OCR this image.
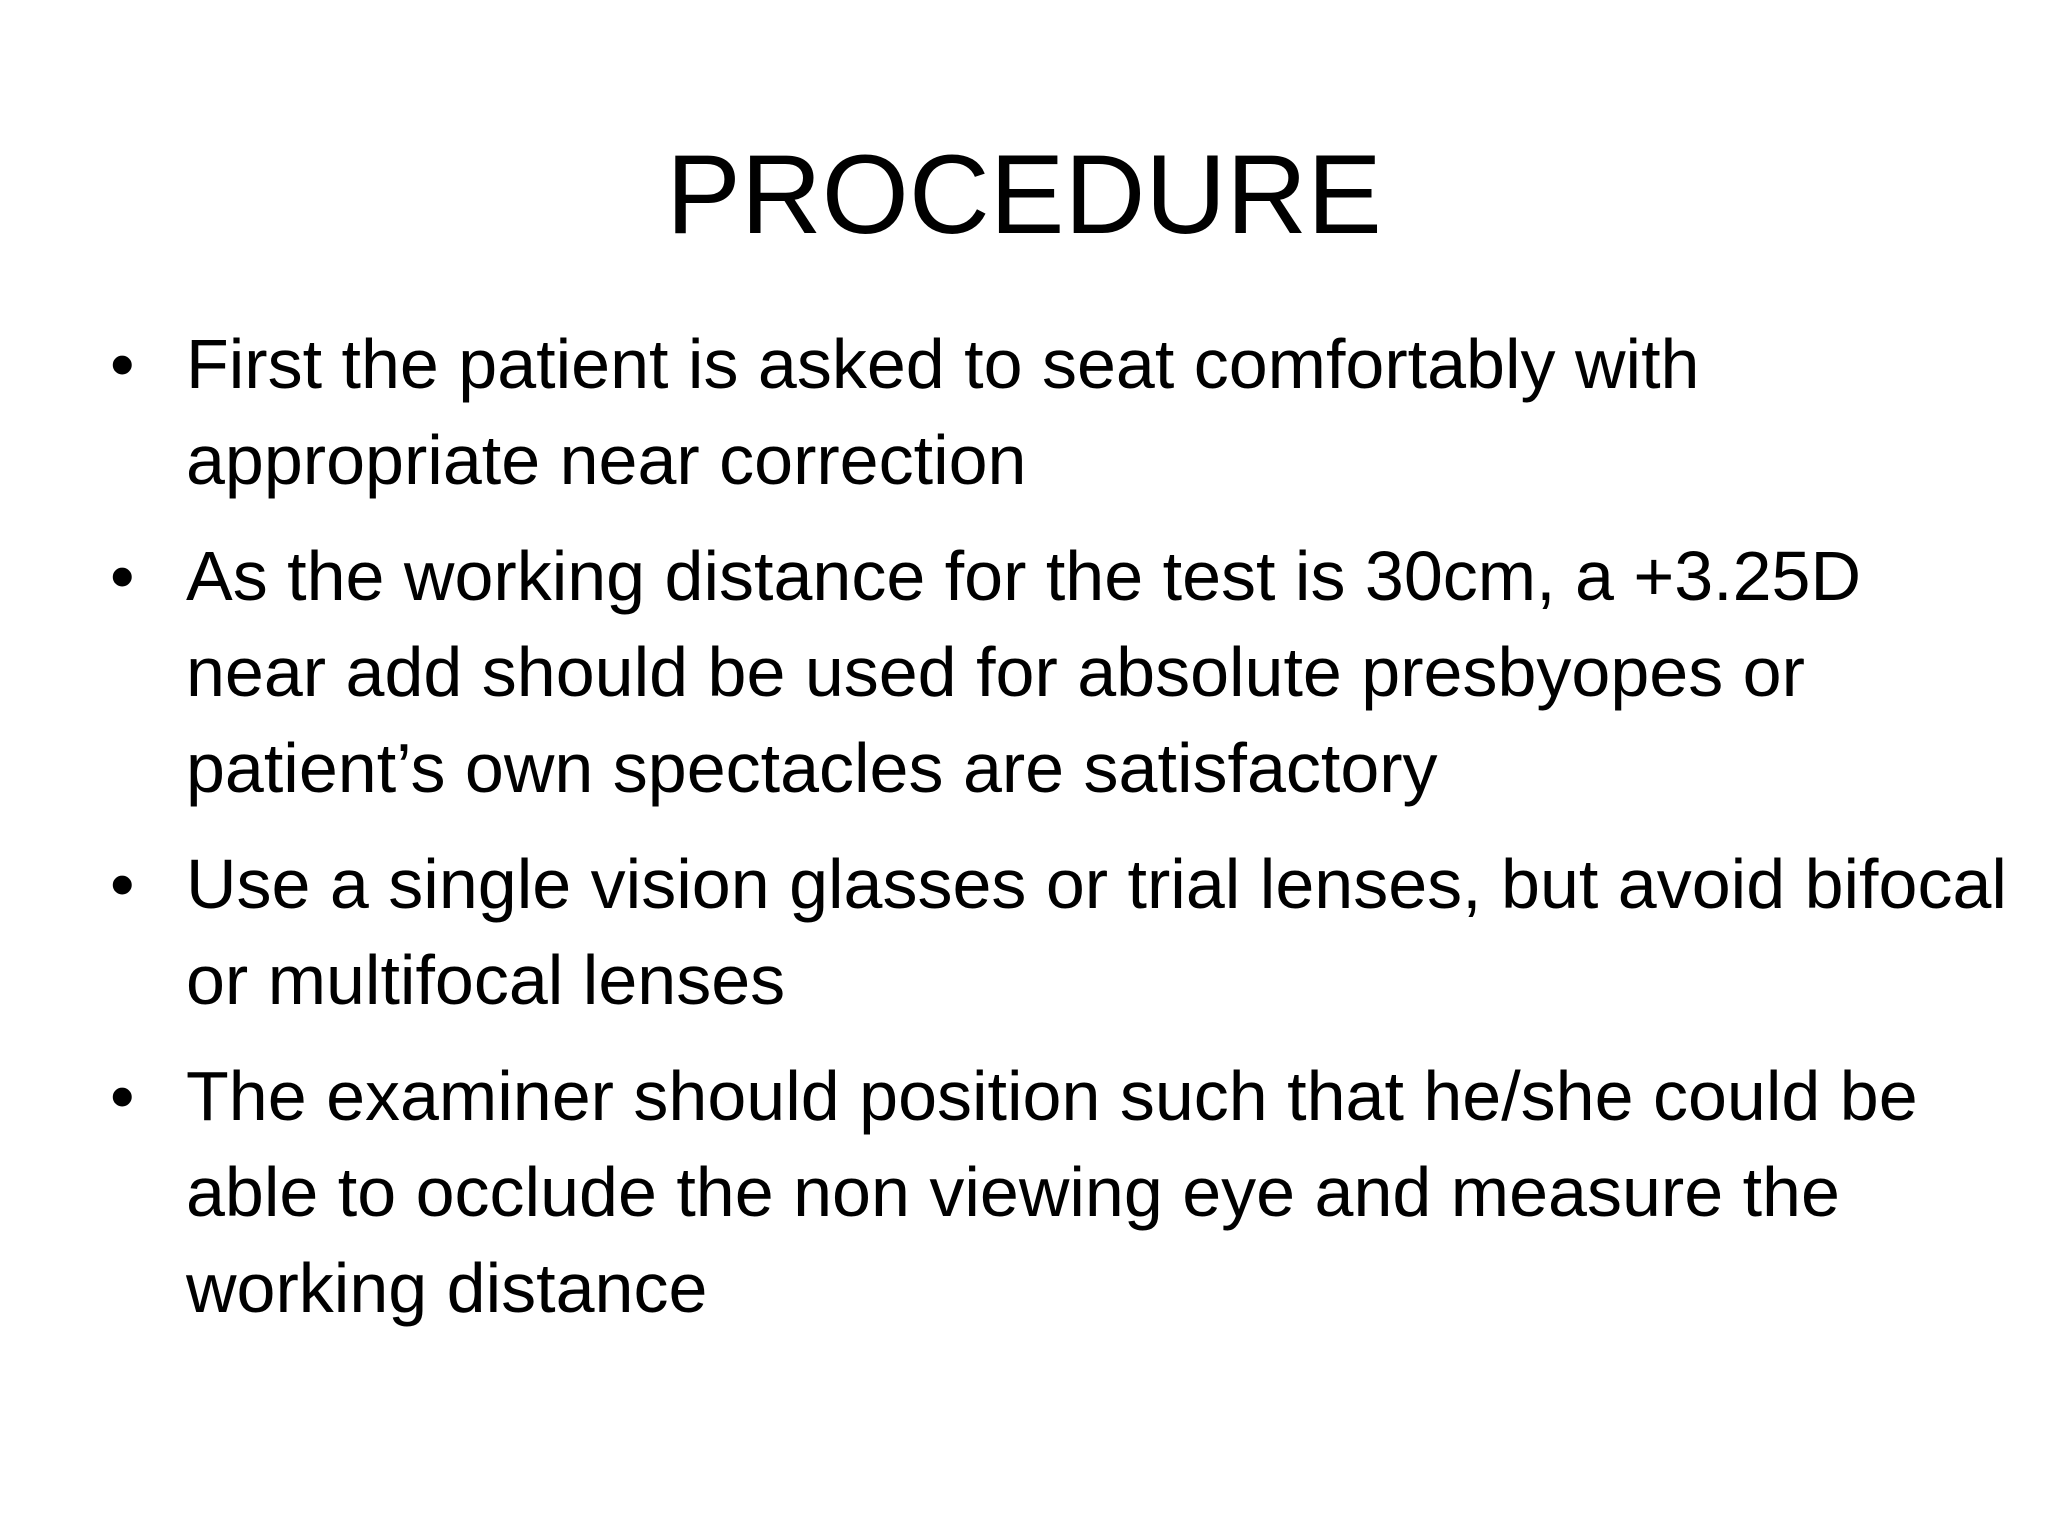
PROCEDURE
• First the patient is asked to seat comfortably with appropriate near correction
• As the working distance for the test is 30cm, a +3.25D near add should be used for absolute presbyopes or patient’s own spectacles are satisfactory
• Use a single vision glasses or trial lenses, but avoid bifocal or multifocal lenses
• The examiner should position such that he/she could be able to occlude the non viewing eye and measure the working distance
